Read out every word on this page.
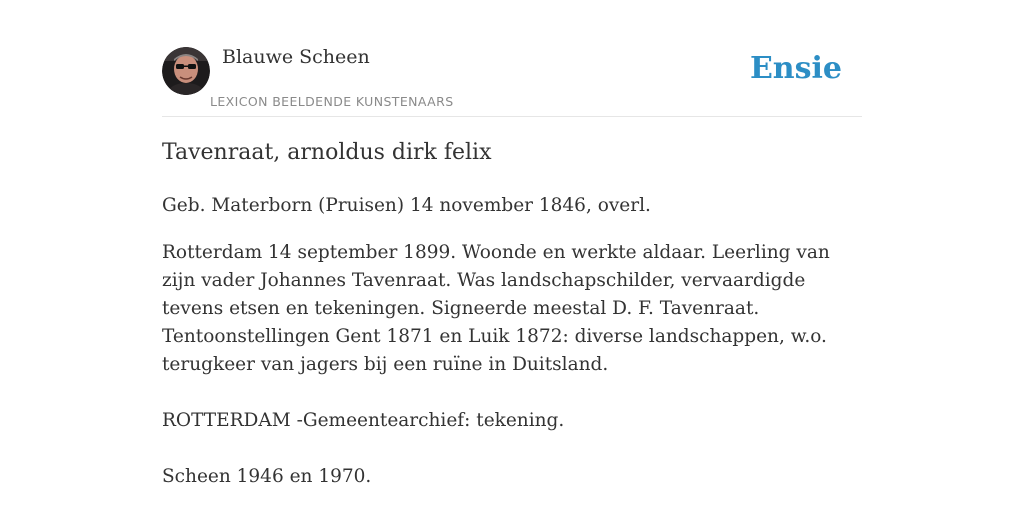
Blauwe Scheen
LEXICON BEELDENDE KUNSTENAARS
Ensie
Tavenraat, arnoldus dirk felix

Geb. Materborn (Pruisen) 14 november 1846, overl.

Rotterdam 14 september 1899. Woonde en werkte aldaar. Leerling van zijn vader Johannes Tavenraat. Was landschapschilder, vervaardigde tevens etsen en tekeningen. Signeerde meestal D. F. Tavenraat. Tentoonstellingen Gent 1871 en Luik 1872: diverse landschappen, w.o. terugkeer van jagers bij een ruïne in Duitsland.

ROTTERDAM -Gemeentearchief: tekening.

Scheen 1946 en 1970.
